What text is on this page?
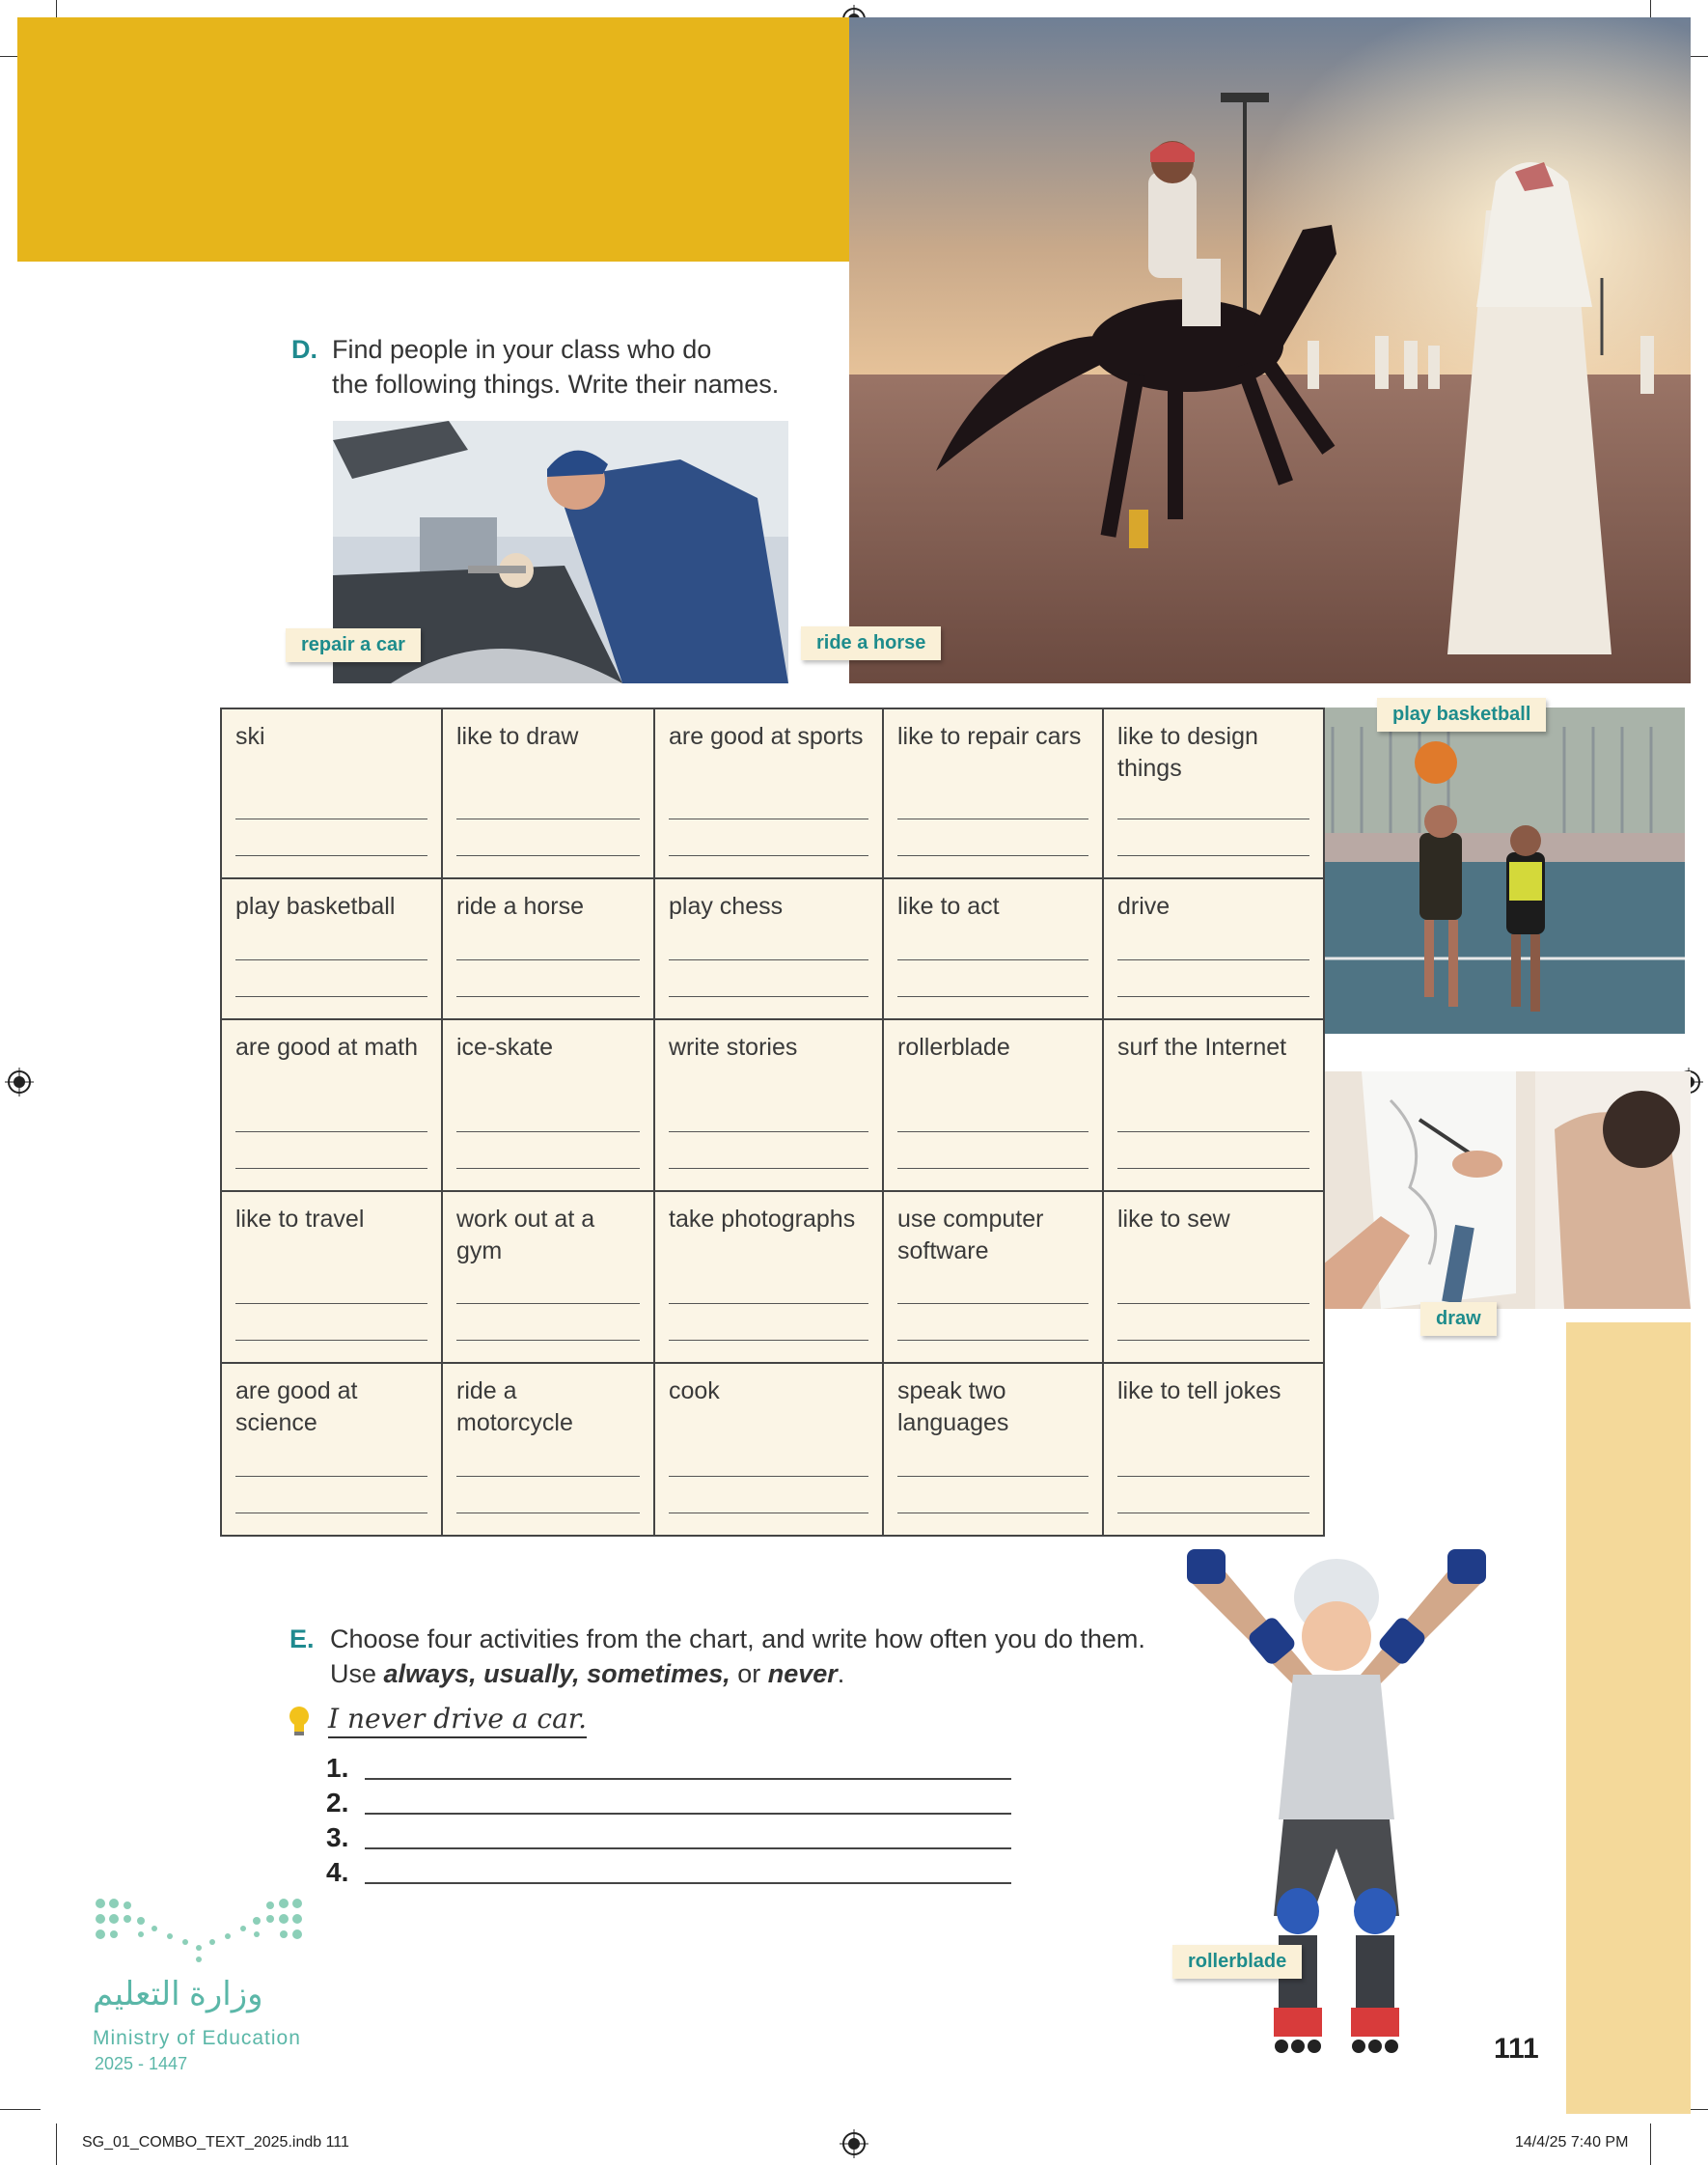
repair a car	ride a horse
play basketball
draw
rollerblade
D. Find people in your class who do
the following things. Write their names.
ski	like to draw	are good at sports	like to repair cars	like to design things

play basketball	ride a horse	play chess	like to act	drive

are good at math	ice-skate	write stories	rollerblade	surf the Internet

like to travel	work out at a gym	take photographs	use computer software	like to sew

are good at science	ride a motorcycle	cook	speak two languages	like to tell jokes
E. Choose four activities from the chart, and write how often you do them.
Use always, usually, sometimes, or never.
I never drive a car.
1.
2.
3.
4.
وزارة التعليم
Ministry of Education
2025 - 1447	111
SG_01_COMBO_TEXT_2025.indb 111	14/4/25 7:40 PM
